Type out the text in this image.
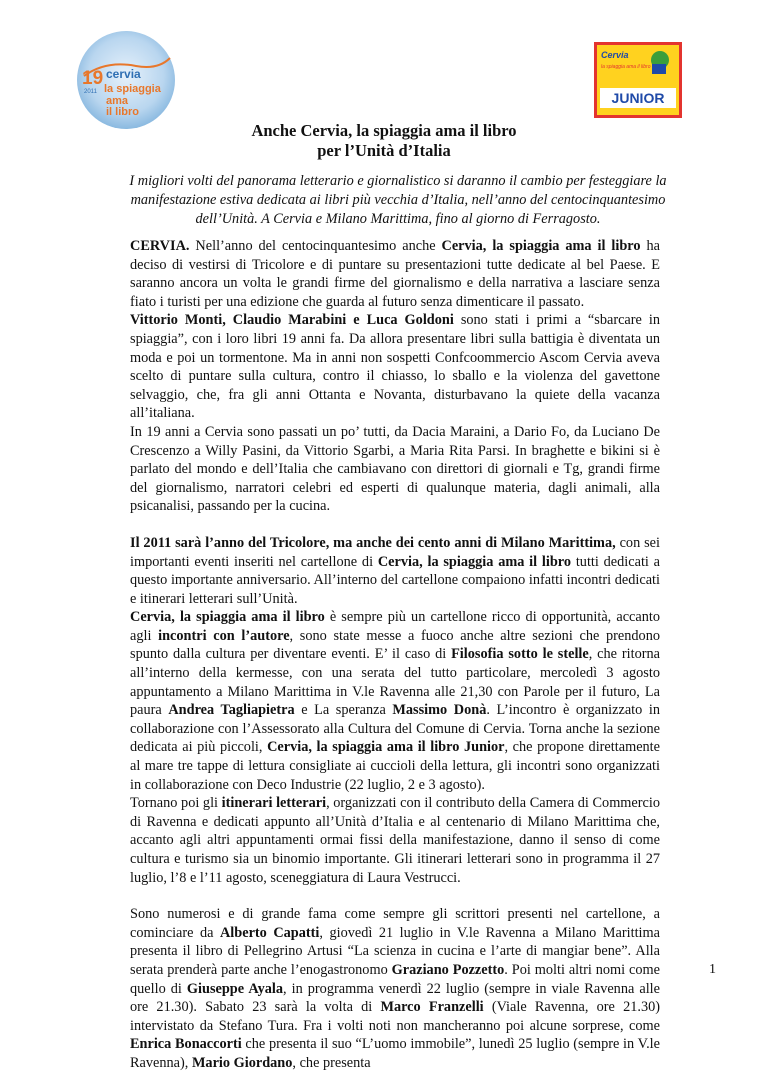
19 cervia
2011 la spiaggia
ama
il libro
Cervia
la spiaggia ama il libro
JUNIOR
Anche Cervia, la spiaggia ama il libro
per l’Unità d’Italia

I migliori volti del panorama letterario e giornalistico si daranno il cambio per festeggiare la manifestazione estiva dedicata ai libri più vecchia d’Italia, nell’anno del centocinquantesimo dell’Unità. A Cervia e Milano Marittima, fino al giorno di Ferragosto.

CERVIA. Nell’anno del centocinquantesimo anche Cervia, la spiaggia ama il libro ha deciso di vestirsi di Tricolore e di puntare su presentazioni tutte dedicate al bel Paese. E saranno ancora un volta le grandi firme del giornalismo e della narrativa a lasciare senza fiato i turisti per una edizione che guarda al futuro senza dimenticare il passato.

Vittorio Monti, Claudio Marabini e Luca Goldoni sono stati i primi a “sbarcare in spiaggia”, con i loro libri 19 anni fa. Da allora presentare libri sulla battigia è diventata un moda e poi un tormentone. Ma in anni non sospetti Confcoommercio Ascom Cervia aveva scelto di puntare sulla cultura, contro il chiasso, lo sballo e la violenza del gavettone selvaggio, che, fra gli anni Ottanta e Novanta, disturbavano la quiete della vacanza all’italiana.

In 19 anni a Cervia sono passati un po’ tutti, da Dacia Maraini, a Dario Fo, da Luciano De Crescenzo a Willy Pasini, da Vittorio Sgarbi, a Maria Rita Parsi. In braghette e bikini si è parlato del mondo e dell’Italia che cambiavano con direttori di giornali e Tg, grandi firme del giornalismo, narratori celebri ed esperti di qualunque materia, dagli animali, alla psicanalisi, passando per la cucina.

Il 2011 sarà l’anno del Tricolore, ma anche dei cento anni di Milano Marittima, con sei importanti eventi inseriti nel cartellone di Cervia, la spiaggia ama il libro tutti dedicati a questo importante anniversario. All’interno del cartellone compaiono infatti incontri dedicati e itinerari letterari sull’Unità.

Cervia, la spiaggia ama il libro è sempre più un cartellone ricco di opportunità, accanto agli incontri con l’autore, sono state messe a fuoco anche altre sezioni che prendono spunto dalla cultura per diventare eventi. E’ il caso di Filosofia sotto le stelle, che ritorna all’interno della kermesse, con una serata del tutto particolare, mercoledì 3 agosto appuntamento a Milano Marittima in V.le Ravenna alle 21,30 con Parole per il futuro, La paura Andrea Tagliapietra e La speranza Massimo Donà. L’incontro è organizzato in collaborazione con l’Assessorato alla Cultura del Comune di Cervia. Torna anche la sezione dedicata ai più piccoli, Cervia, la spiaggia ama il libro Junior, che propone direttamente al mare tre tappe di lettura consigliate ai cuccioli della lettura, gli incontri sono organizzati in collaborazione con Deco Industrie (22 luglio, 2 e 3 agosto).

Tornano poi gli itinerari letterari, organizzati con il contributo della Camera di Commercio di Ravenna e dedicati appunto all’Unità d’Italia e al centenario di Milano Marittima che, accanto agli altri appuntamenti ormai fissi della manifestazione, danno il senso di come cultura e turismo sia un binomio importante. Gli itinerari letterari sono in programma il 27 luglio, l’8 e l’11 agosto, sceneggiatura di Laura Vestrucci.

Sono numerosi e di grande fama come sempre gli scrittori presenti nel cartellone, a cominciare da Alberto Capatti, giovedì 21 luglio in V.le Ravenna a Milano Marittima presenta il libro di Pellegrino Artusi “La scienza in cucina e l’arte di mangiar bene”. Alla serata prenderà parte anche l’enogastronomo Graziano Pozzetto. Poi molti altri nomi come quello di Giuseppe Ayala, in programma venerdì 22 luglio (sempre in viale Ravenna alle ore 21.30). Sabato 23 sarà la volta di Marco Franzelli (Viale Ravenna, ore 21.30) intervistato da Stefano Tura. Fra i volti noti non mancheranno poi alcune sorprese, come Enrica Bonaccorti che presenta il suo “L’uomo immobile”, lunedì 25 luglio (sempre in V.le Ravenna), Mario Giordano, che presenta

1
